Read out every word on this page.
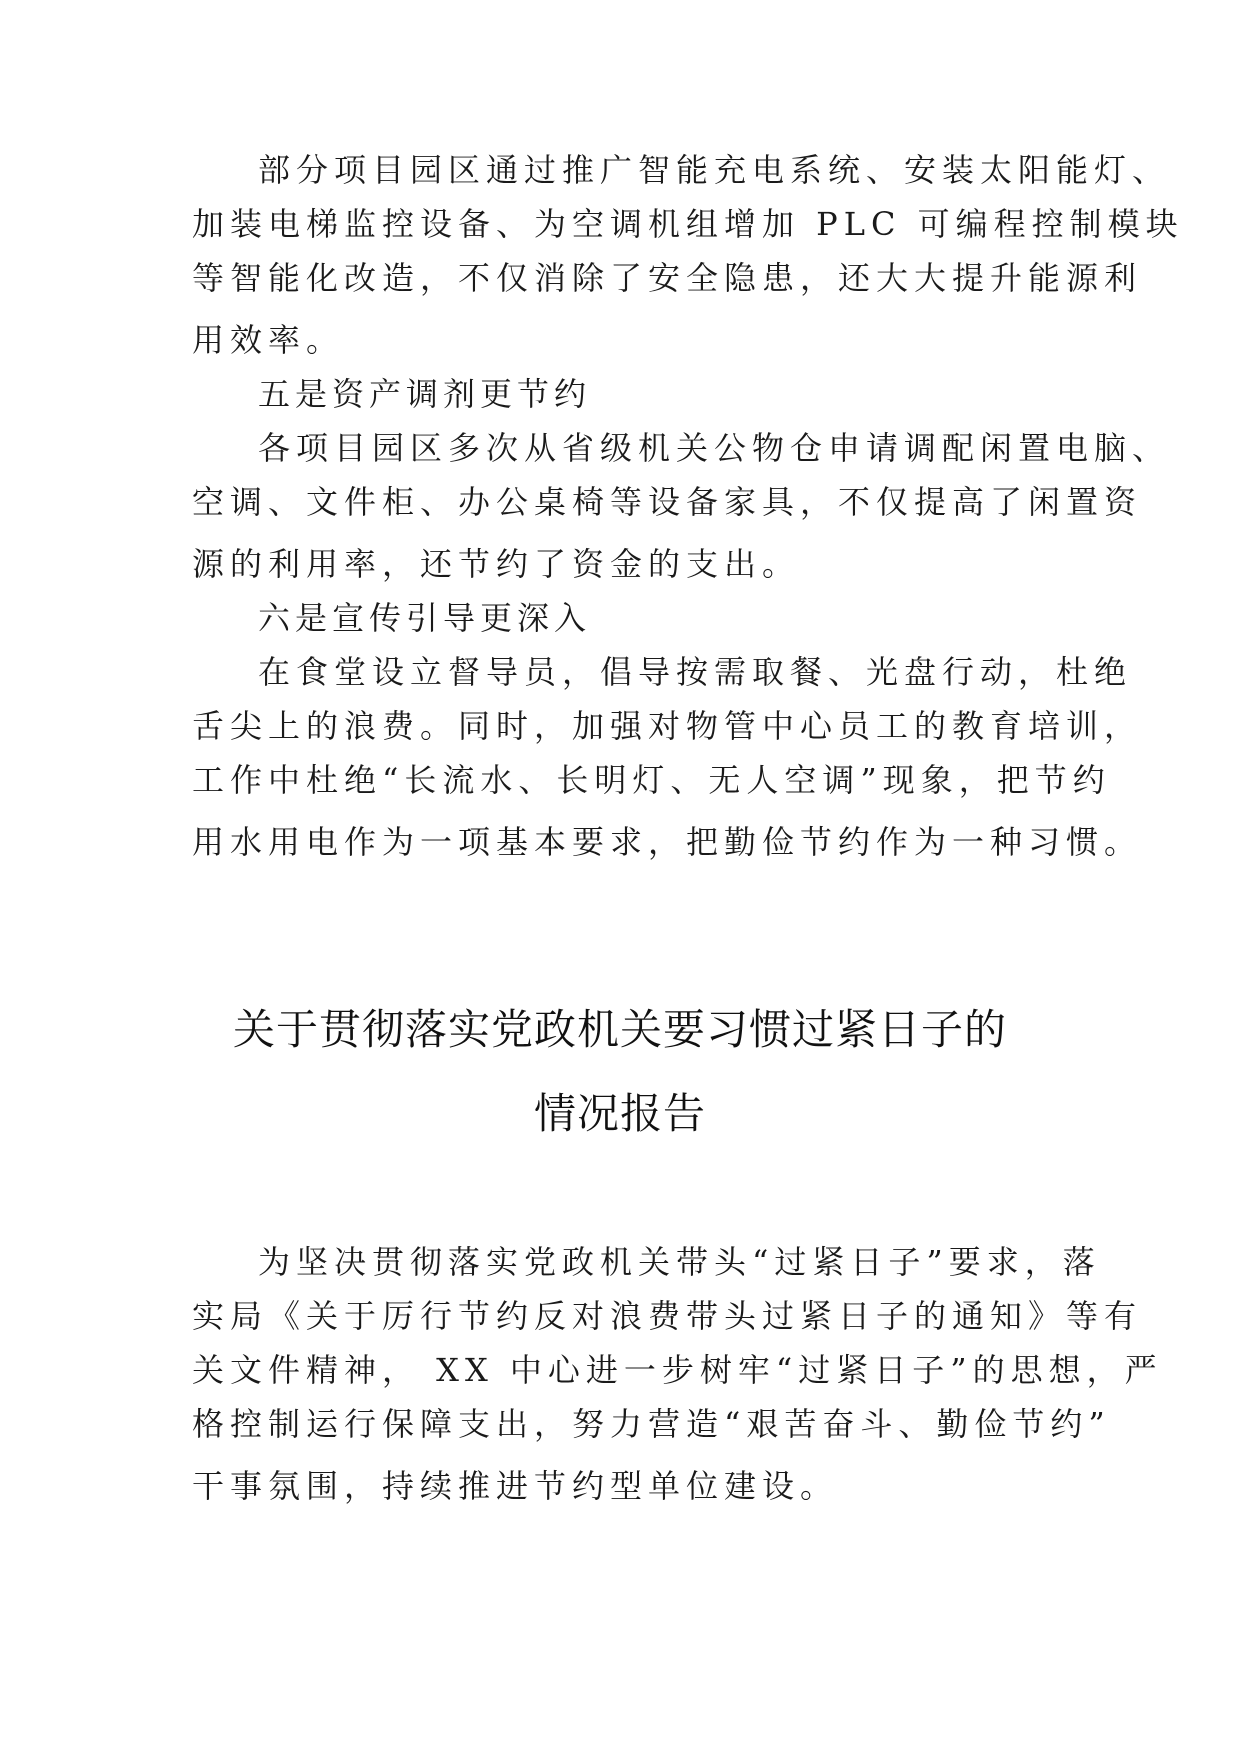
部分项目园区通过推广智能充电系统、安装太阳能灯、
加装电梯监控设备、为空调机组增加 PLC 可编程控制模块
等智能化改造，不仅消除了安全隐患，还大大提升能源利
用效率。
五是资产调剂更节约
各项目园区多次从省级机关公物仓申请调配闲置电脑、
空调、文件柜、办公桌椅等设备家具，不仅提高了闲置资
源的利用率，还节约了资金的支出。
六是宣传引导更深入
在食堂设立督导员，倡导按需取餐、光盘行动，杜绝
舌尖上的浪费。同时，加强对物管中心员工的教育培训，
工作中杜绝“长流水、长明灯、无人空调”现象，把节约
用水用电作为一项基本要求，把勤俭节约作为一种习惯。
关于贯彻落实党政机关要习惯过紧日子的
情况报告
为坚决贯彻落实党政机关带头“过紧日子”要求，落
实局《关于厉行节约反对浪费带头过紧日子的通知》等有
关文件精神， XX 中心进一步树牢“过紧日子”的思想，严
格控制运行保障支出，努力营造“艰苦奋斗、勤俭节约”
干事氛围，持续推进节约型单位建设。
